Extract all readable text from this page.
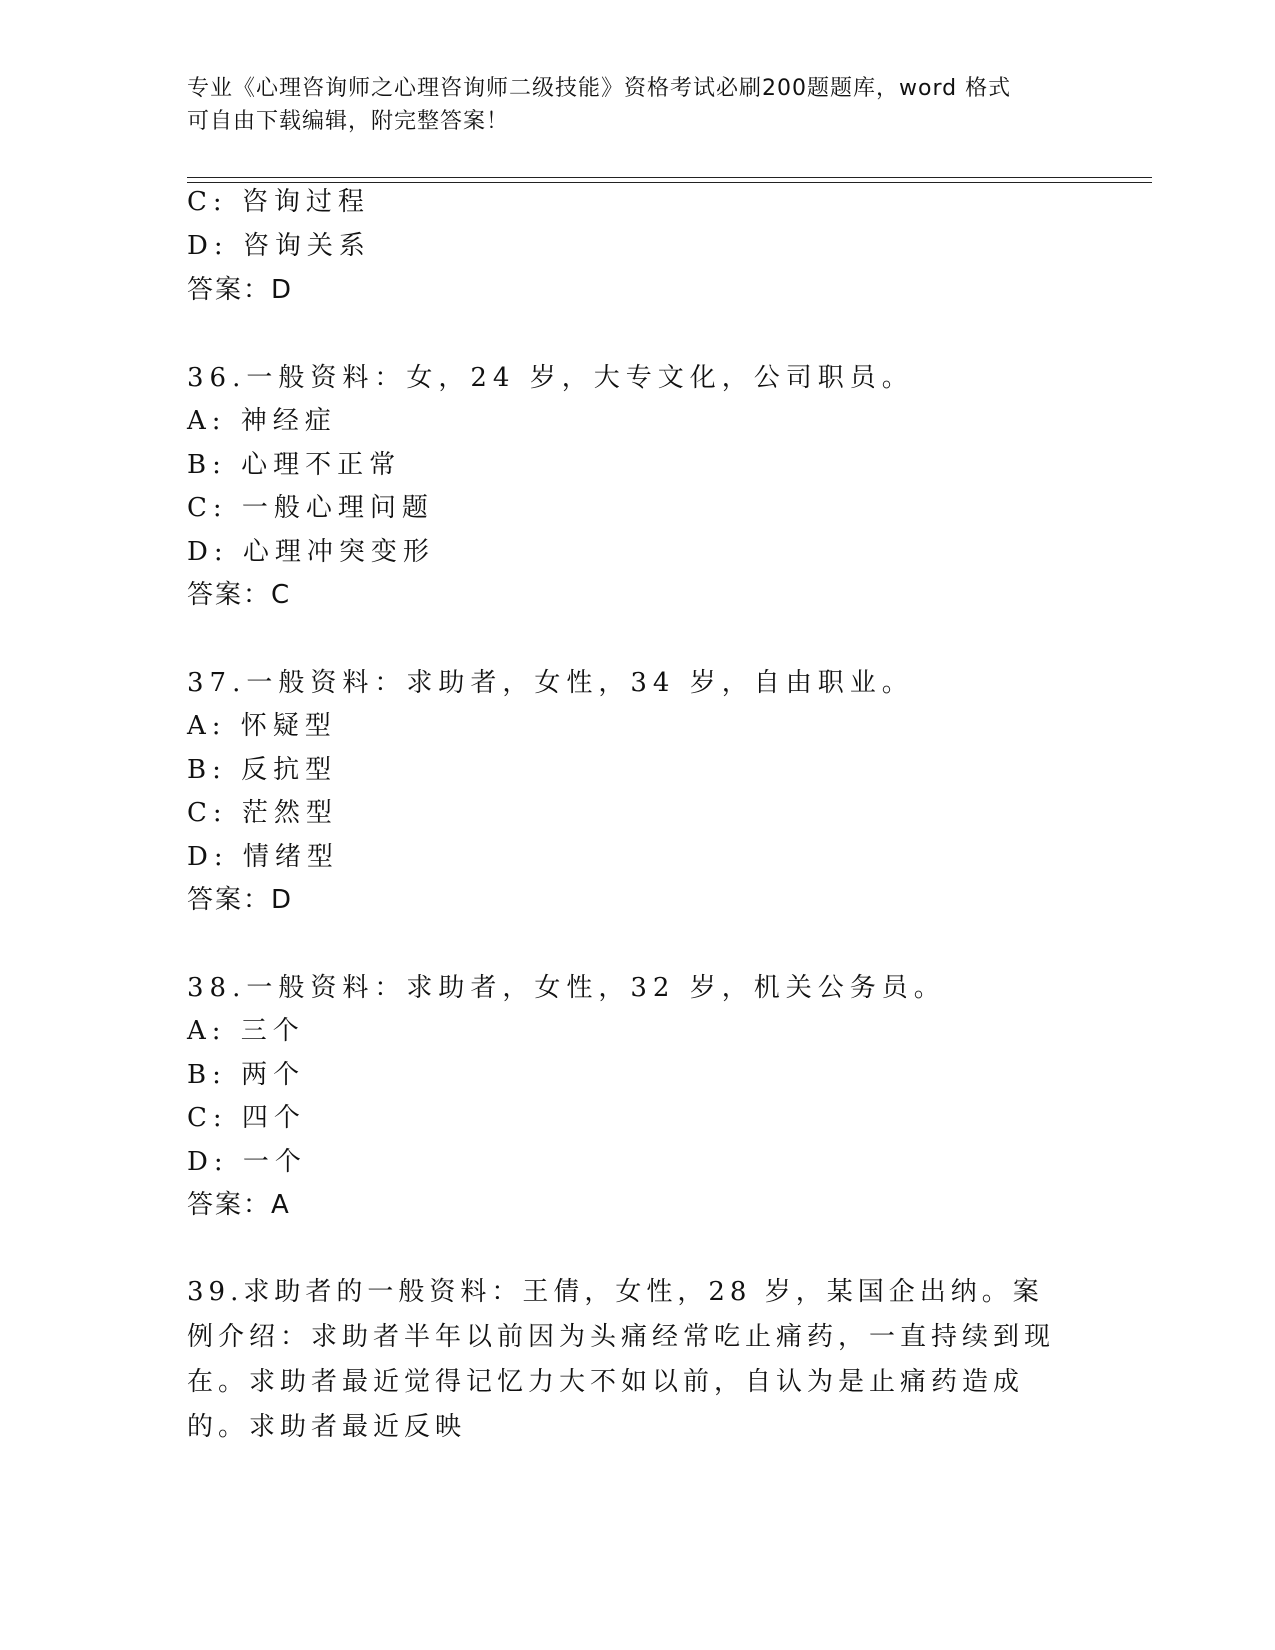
专业《心理咨询师之心理咨询师二级技能》资格考试必刷200题题库，word 格式
可自由下载编辑，附完整答案！
C: 咨询过程
D: 咨询关系
答案：D
36.一般资料：女，24 岁，大专文化，公司职员。
A: 神经症
B: 心理不正常
C: 一般心理问题
D: 心理冲突变形
答案：C
37.一般资料：求助者，女性，34 岁，自由职业。
A: 怀疑型
B: 反抗型
C: 茫然型
D: 情绪型
答案：D
38.一般资料：求助者，女性，32 岁，机关公务员。
A: 三个
B: 两个
C: 四个
D: 一个
答案：A
39.求助者的一般资料：王倩，女性，28 岁，某国企出纳。案例介绍：求助者半年以前因为头痛经常吃止痛药，一直持续到现在。求助者最近觉得记忆力大不如以前，自认为是止痛药造成的。求助者最近反映
